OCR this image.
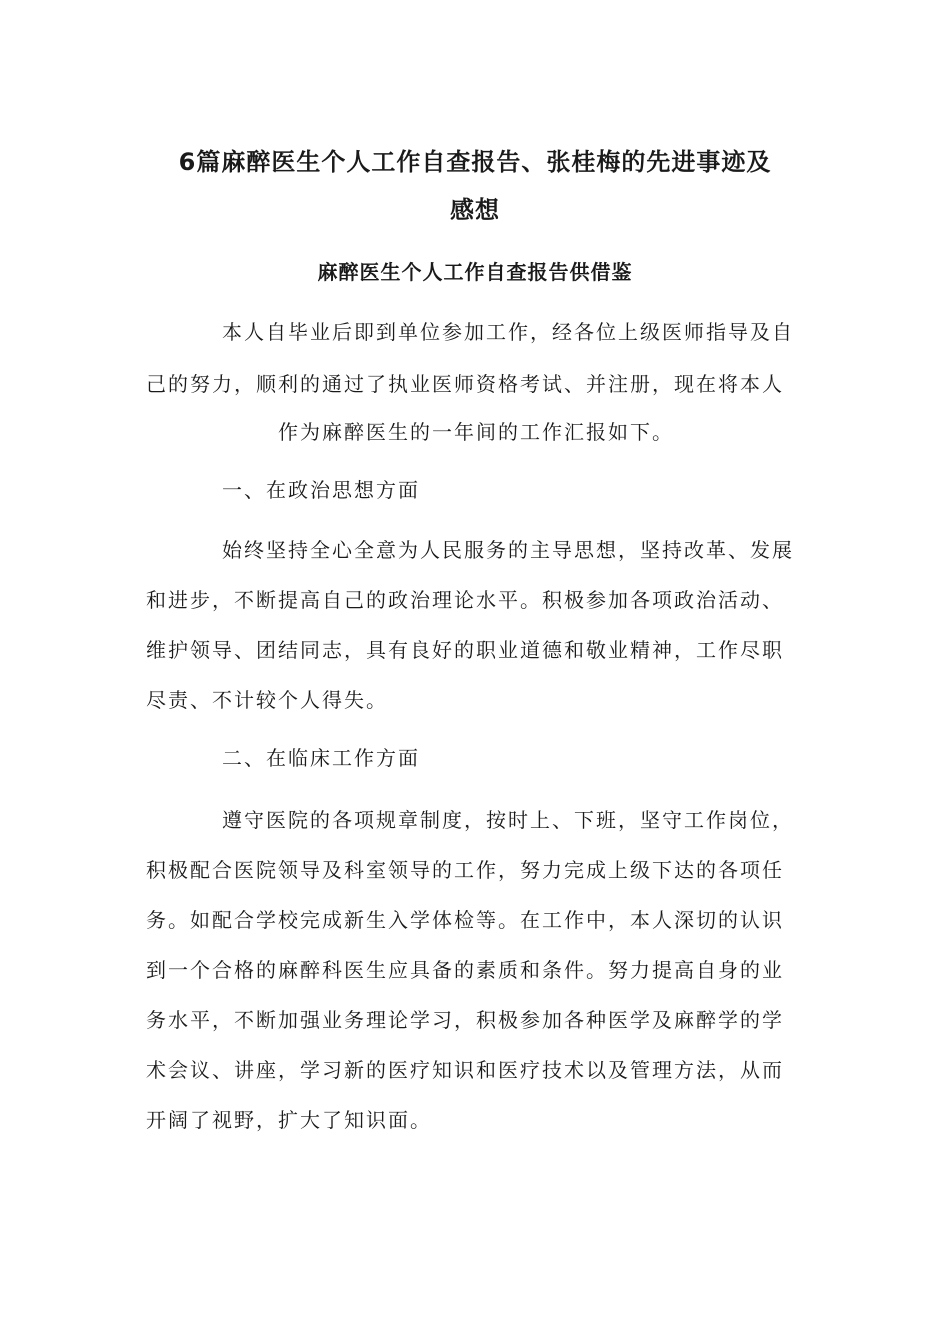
6篇麻醉医生个人工作自查报告、张桂梅的先进事迹及
感想
麻醉医生个人工作自查报告供借鉴
本人自毕业后即到单位参加工作，经各位上级医师指导及自
己的努力，顺利的通过了执业医师资格考试、并注册，现在将本人
作为麻醉医生的一年间的工作汇报如下。
一、在政治思想方面
始终坚持全心全意为人民服务的主导思想，坚持改革、发展
和进步，不断提高自己的政治理论水平。积极参加各项政治活动、
维护领导、团结同志，具有良好的职业道德和敬业精神，工作尽职
尽责、不计较个人得失。
二、在临床工作方面
遵守医院的各项规章制度，按时上、下班，坚守工作岗位，
积极配合医院领导及科室领导的工作，努力完成上级下达的各项任
务。如配合学校完成新生入学体检等。在工作中，本人深切的认识
到一个合格的麻醉科医生应具备的素质和条件。努力提高自身的业
务水平，不断加强业务理论学习，积极参加各种医学及麻醉学的学
术会议、讲座，学习新的医疗知识和医疗技术以及管理方法，从而
开阔了视野，扩大了知识面。
